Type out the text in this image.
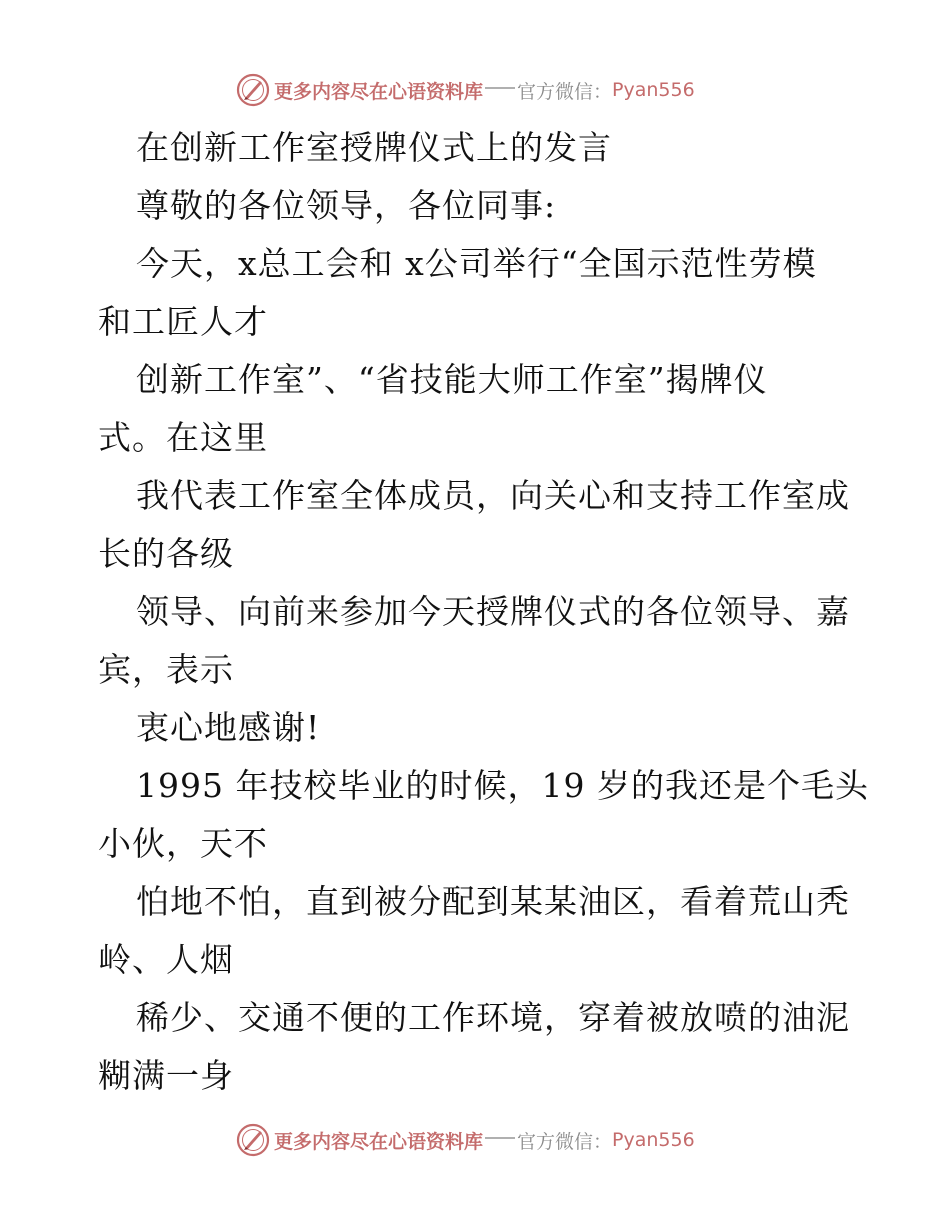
更多内容尽在心语资料库 官方微信： Pyan556
在创新工作室授牌仪式上的发言
尊敬的各位领导，各位同事:
今天，x总工会和 x公司举行“全国示范性劳模
和工匠人才
创新工作室”、“省技能大师工作室”揭牌仪
式。在这里
我代表工作室全体成员，向关心和支持工作室成
长的各级
领导、向前来参加今天授牌仪式的各位领导、嘉
宾，表示
衷心地感谢!
1995 年技校毕业的时候，19 岁的我还是个毛头
小伙，天不
怕地不怕，直到被分配到某某油区，看着荒山秃
岭、人烟
稀少、交通不便的工作环境，穿着被放喷的油泥
糊满一身
更多内容尽在心语资料库 官方微信： Pyan556
